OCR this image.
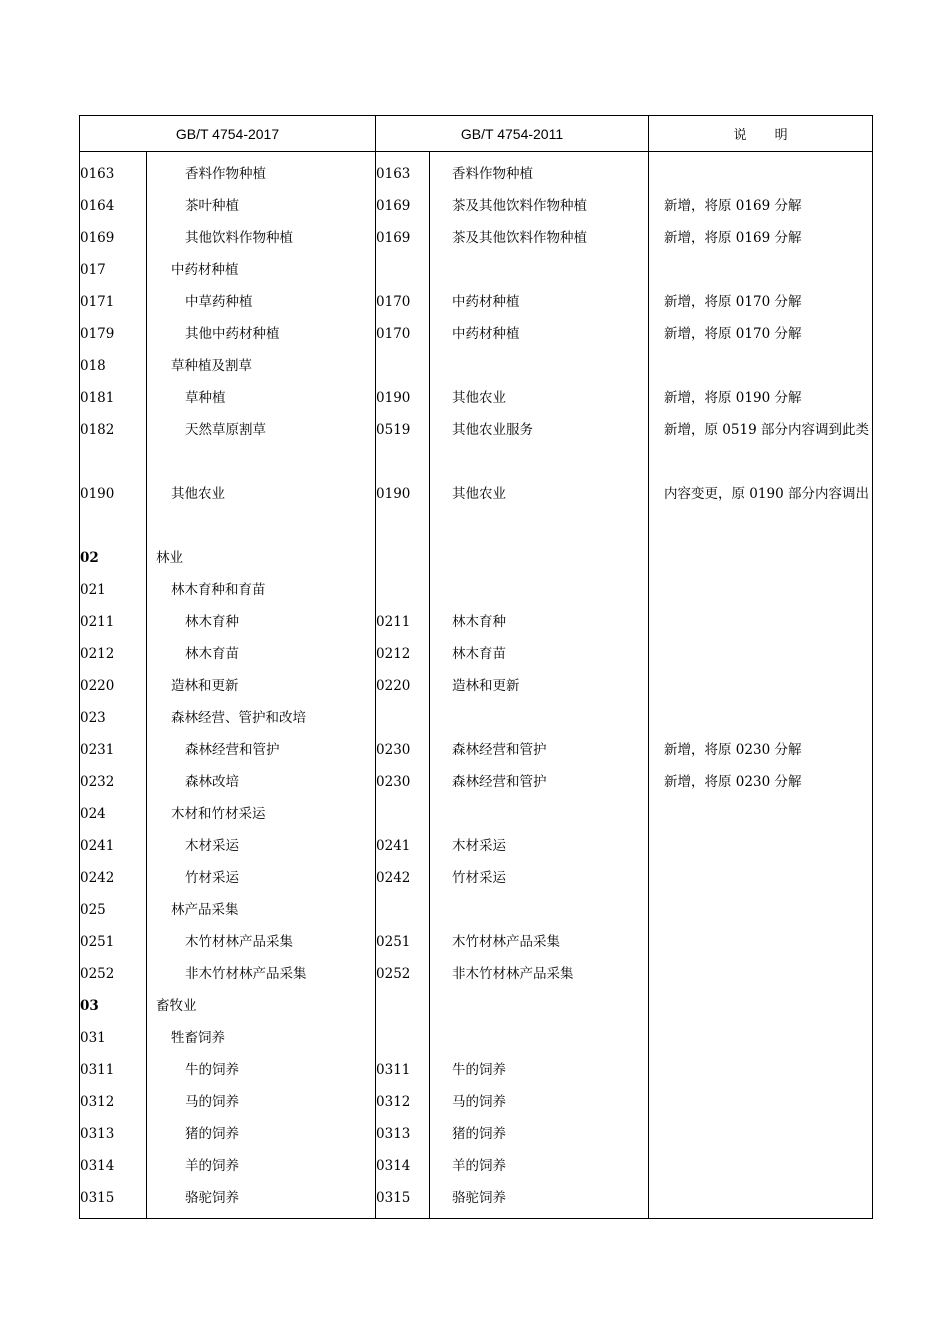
GB/T 4754-2017		GB/T 4754-2011		说 明

0163	香料作物种植	0163	香料作物种植	

0164	茶叶种植	0169	茶及其他饮料作物种植	新增，将原 0169 分解

0169	其他饮料作物种植	0169	茶及其他饮料作物种植	新增，将原 0169 分解

017	中药材种植			

0171	中草药种植	0170	中药材种植	新增，将原 0170 分解

0179	其他中药材种植	0170	中药材种植	新增，将原 0170 分解

018	草种植及割草			

0181	草种植	0190	其他农业	新增，将原 0190 分解

0182	天然草原割草	0519	其他农业服务	新增，原 0519 部分内容调到此类

0190	其他农业	0190	其他农业	内容变更，原 0190 部分内容调出

02	林业			

021	林木育种和育苗			

0211	林木育种	0211	林木育种	

0212	林木育苗	0212	林木育苗	

0220	造林和更新	0220	造林和更新	

023	森林经营、管护和改培			

0231	森林经营和管护	0230	森林经营和管护	新增，将原 0230 分解

0232	森林改培	0230	森林经营和管护	新增，将原 0230 分解

024	木材和竹材采运			

0241	木材采运	0241	木材采运	

0242	竹材采运	0242	竹材采运	

025	林产品采集			

0251	木竹材林产品采集	0251	木竹材林产品采集	

0252	非木竹材林产品采集	0252	非木竹材林产品采集	

03	畜牧业			

031	牲畜饲养			

0311	牛的饲养	0311	牛的饲养	

0312	马的饲养	0312	马的饲养	

0313	猪的饲养	0313	猪的饲养	

0314	羊的饲养	0314	羊的饲养	

0315	骆驼饲养	0315	骆驼饲养	
